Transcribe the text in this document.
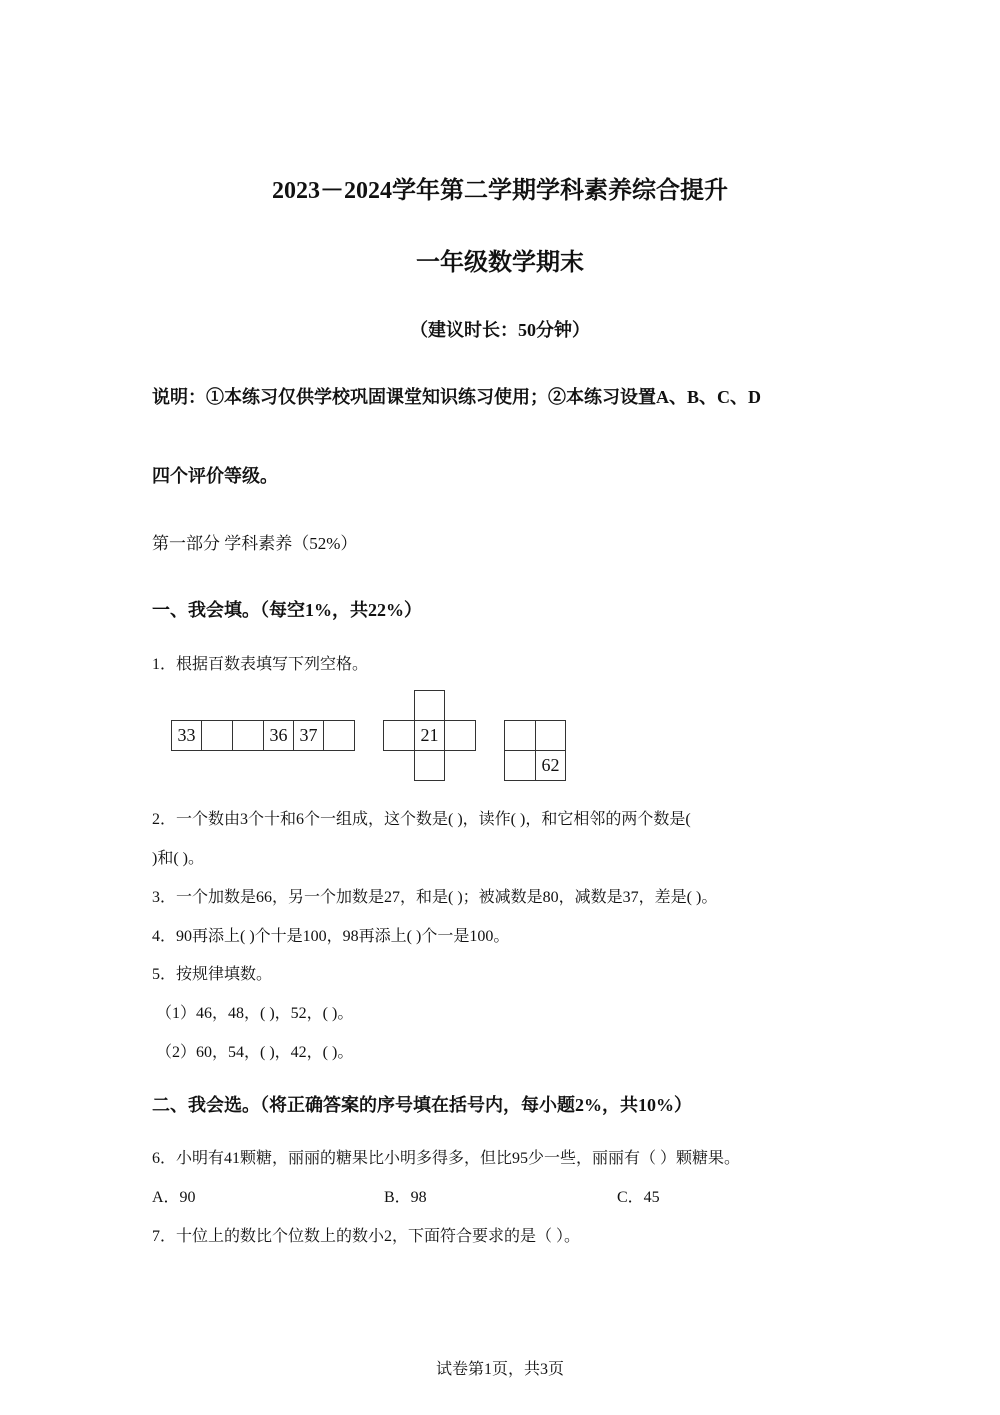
2023－2024学年第二学期学科素养综合提升
一年级数学期末
（建议时长：50分钟）
说明：①本练习仅供学校巩固课堂知识练习使用；②本练习设置A、B、C、D
四个评价等级。
第一部分 学科素养（52%）
一、我会填。（每空1%，共22%）
1．根据百数表填写下列空格。
33	36 37	21
62
2．一个数由3个十和6个一组成，这个数是( )，读作( )，和它相邻的两个数是(
)和( )。
3．一个加数是66，另一个加数是27，和是( )；被减数是80，减数是37，差是( )。
4．90再添上( )个十是100，98再添上( )个一是100。
5．按规律填数。
（1）46，48，( )，52，( )。
（2）60，54，( )，42，( )。
二、我会选。（将正确答案的序号填在括号内，每小题2%，共10%）
6．小明有41颗糖，丽丽的糖果比小明多得多，但比95少一些，丽丽有（ ）颗糖果。
A．90	B．98	C．45
7．十位上的数比个位数上的数小2，下面符合要求的是（ ）。
试卷第1页，共3页
